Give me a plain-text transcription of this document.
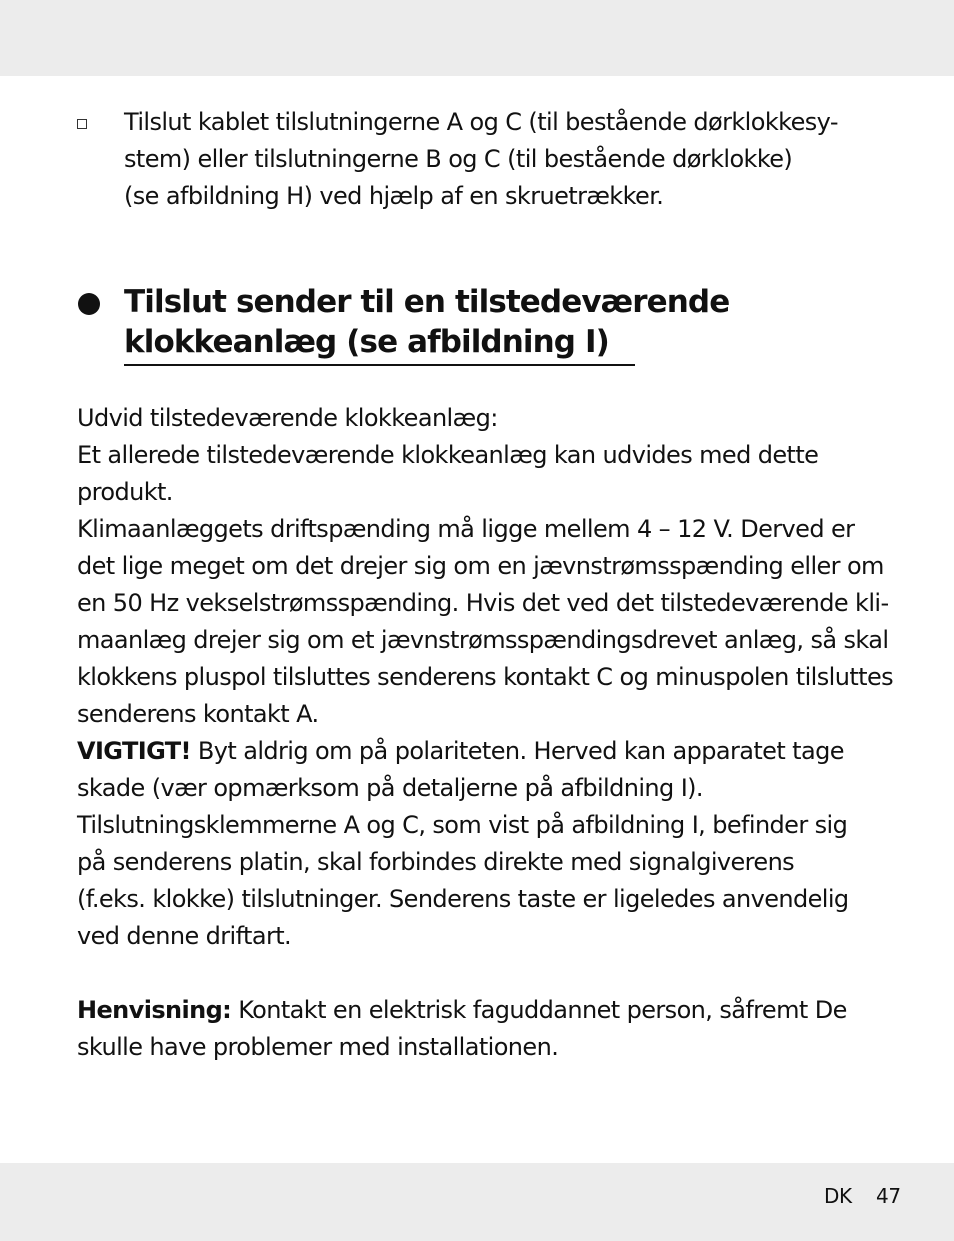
Tilslut kablet tilslutningerne A og C (til bestående dørklokkesy-
stem) eller tilslutningerne B og C (til bestående dørklokke)
(se afbildning H) ved hjælp af en skruetrækker.
Tilslut sender til en tilstedeværende
klokkeanlæg (se afbildning I)

Udvid tilstedeværende klokkeanlæg:
Et allerede tilstedeværende klokkeanlæg kan udvides med dette produkt.

Klimaanlæggets driftspænding må ligge mellem 4 – 12 V. Derved er
det lige meget om det drejer sig om en jævnstrømsspænding eller om
en 50 Hz vekselstrømsspænding. Hvis det ved det tilstedeværende kli-
maanlæg drejer sig om et jævnstrømsspændingsdrevet anlæg, så skal
klokkens pluspol tilsluttes senderens kontakt C og minuspolen tilsluttes
senderens kontakt A.

VIGTIGT! Byt aldrig om på polariteten. Herved kan apparatet tage
skade (vær opmærksom på detaljerne på afbildning I).
Tilslutningsklemmerne A og C, som vist på afbildning I, befinder sig
på senderens platin, skal forbindes direkte med signalgiverens
(f.eks. klokke) tilslutninger. Senderens taste er ligeledes anvendelig
ved denne driftart.

Henvisning: Kontakt en elektrisk faguddannet person, såfremt De
skulle have problemer med installationen.

DK 47
